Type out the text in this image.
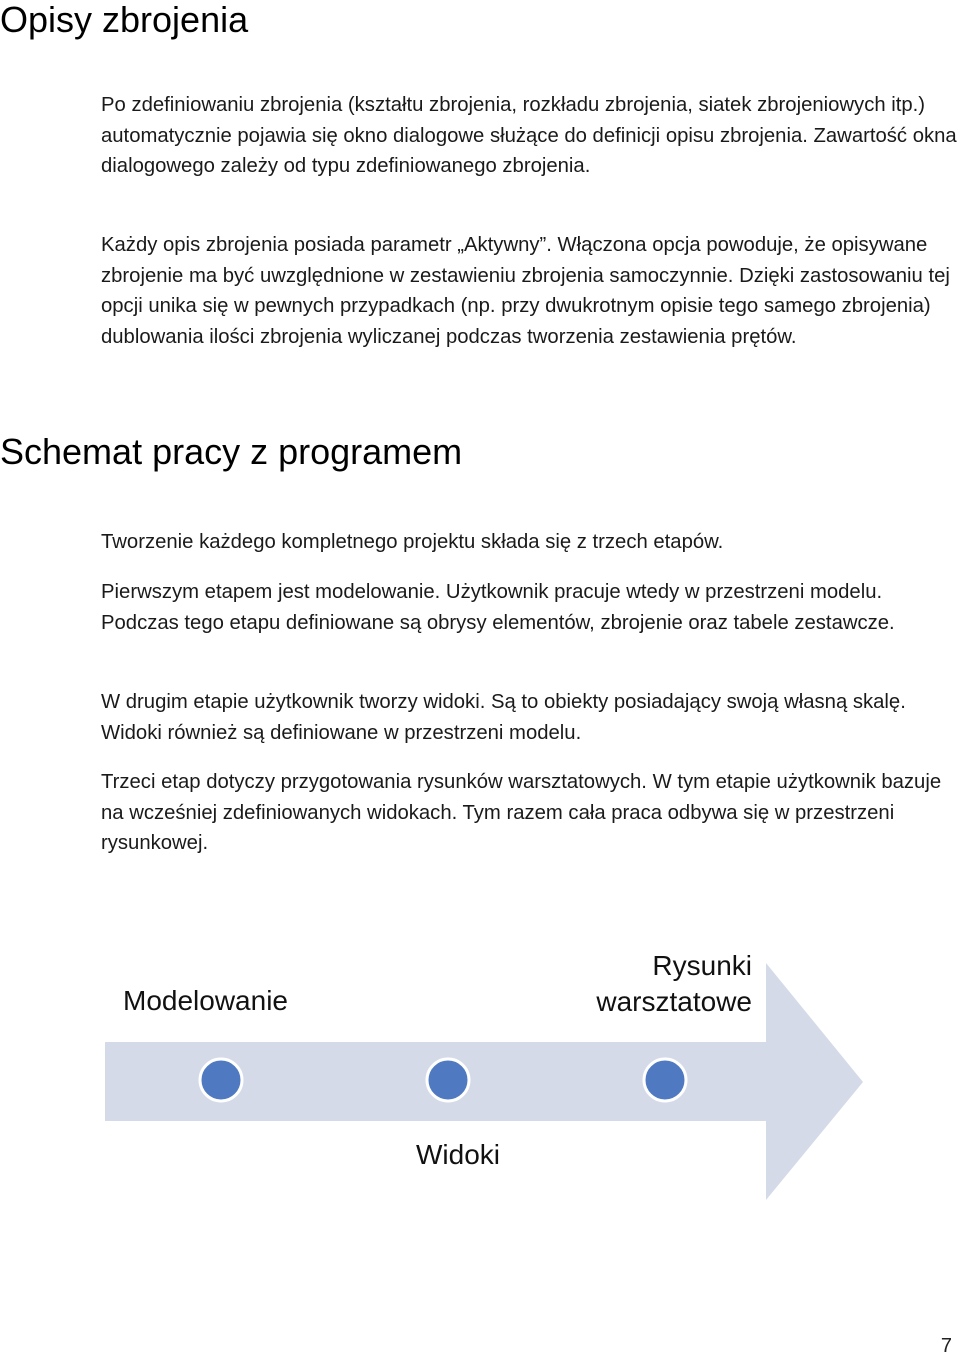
Opisy zbrojenia

Po zdefiniowaniu zbrojenia (kształtu zbrojenia, rozkładu zbrojenia, siatek zbrojeniowych itp.) automatycznie pojawia się okno dialogowe służące do definicji opisu zbrojenia. Zawartość okna dialogowego zależy od typu zdefiniowanego zbrojenia.

Każdy opis zbrojenia posiada parametr „Aktywny”. Włączona opcja powoduje, że opisywane zbrojenie ma być uwzględnione w zestawieniu zbrojenia samoczynnie. Dzięki zastosowaniu tej opcji unika się w pewnych przypadkach (np. przy dwukrotnym opisie tego samego zbrojenia) dublowania ilości zbrojenia wyliczanej podczas tworzenia zestawienia prętów.

Schemat pracy z programem

Tworzenie każdego kompletnego projektu składa się z trzech etapów.

Pierwszym etapem jest modelowanie. Użytkownik pracuje wtedy w przestrzeni modelu. Podczas tego etapu definiowane są obrysy elementów, zbrojenie oraz tabele zestawcze.

W drugim etapie użytkownik tworzy widoki. Są to obiekty posiadający swoją własną skalę. Widoki również są definiowane w przestrzeni modelu.

Trzeci etap dotyczy przygotowania rysunków warsztatowych. W tym etapie użytkownik bazuje na wcześniej zdefiniowanych widokach. Tym razem cała praca odbywa się w przestrzeni rysunkowej.

Modelowanie
Widoki
Rysunki warsztatowe
7
